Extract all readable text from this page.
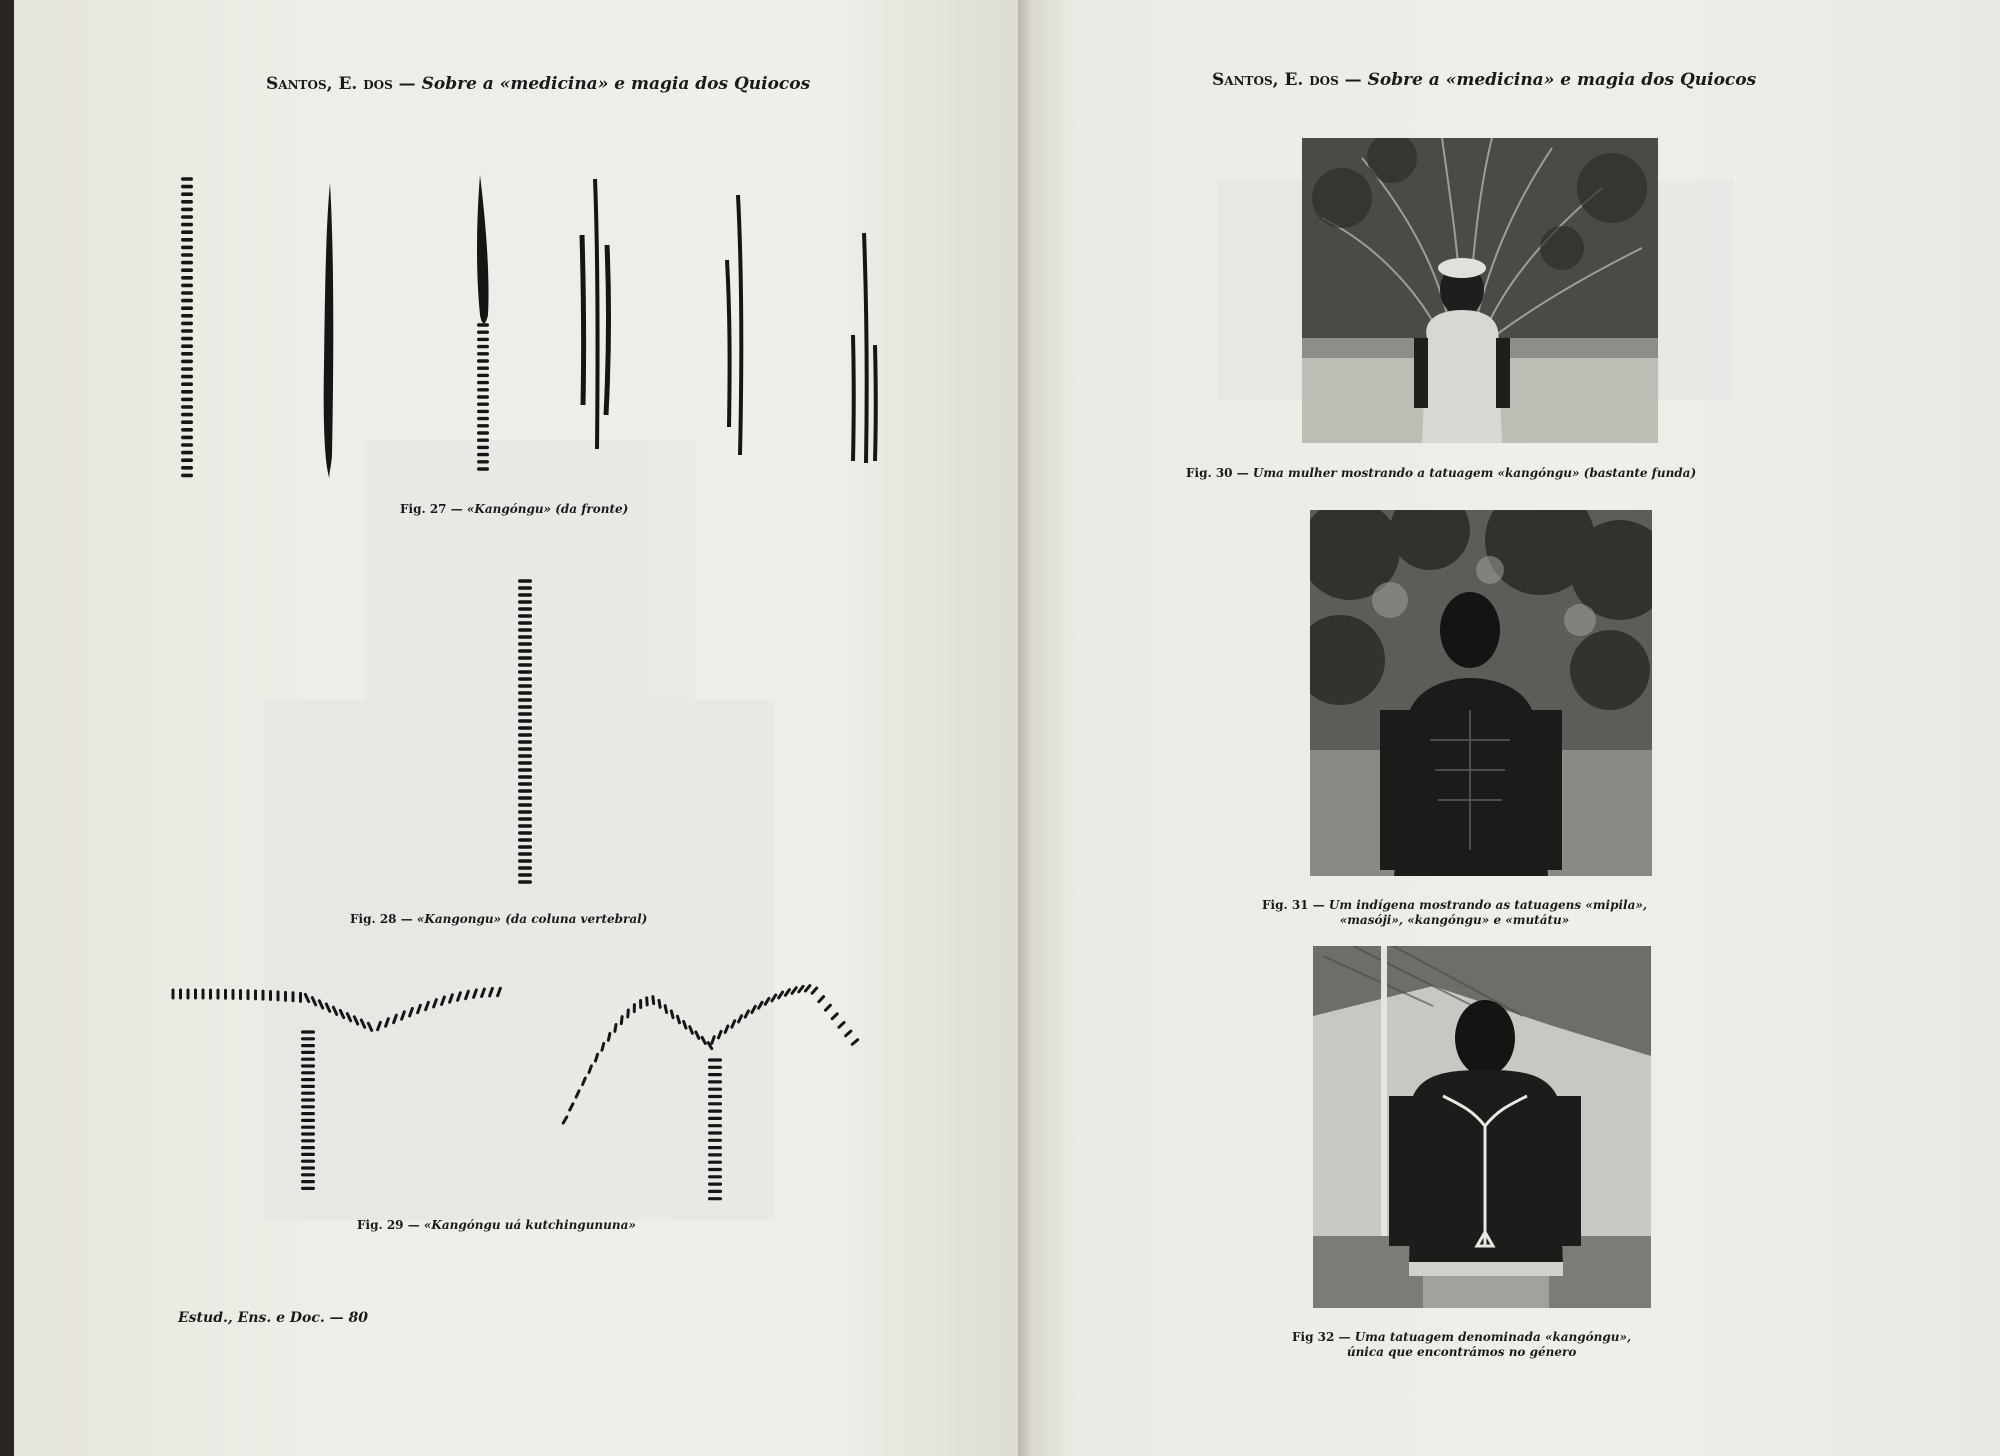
Santos, E. dos — Sobre a «medicina» e magia dos Quiocos
Fig. 27 — «Kangóngu» (da fronte)
Fig. 28 — «Kangongu» (da coluna vertebral)
Fig. 29 — «Kangóngu uá kutchingununa»
Estud., Ens. e Doc. — 80
Santos, E. dos — Sobre a «medicina» e magia dos Quiocos
Fig. 30 — Uma mulher mostrando a tatuagem «kangóngu» (bastante funda)
Fig. 31 — Um indígena mostrando as tatuagens «mipila»,
«masóji», «kangóngu» e «mutátu»
Fig 32 — Uma tatuagem denominada «kangóngu»,
única que encontrámos no género
